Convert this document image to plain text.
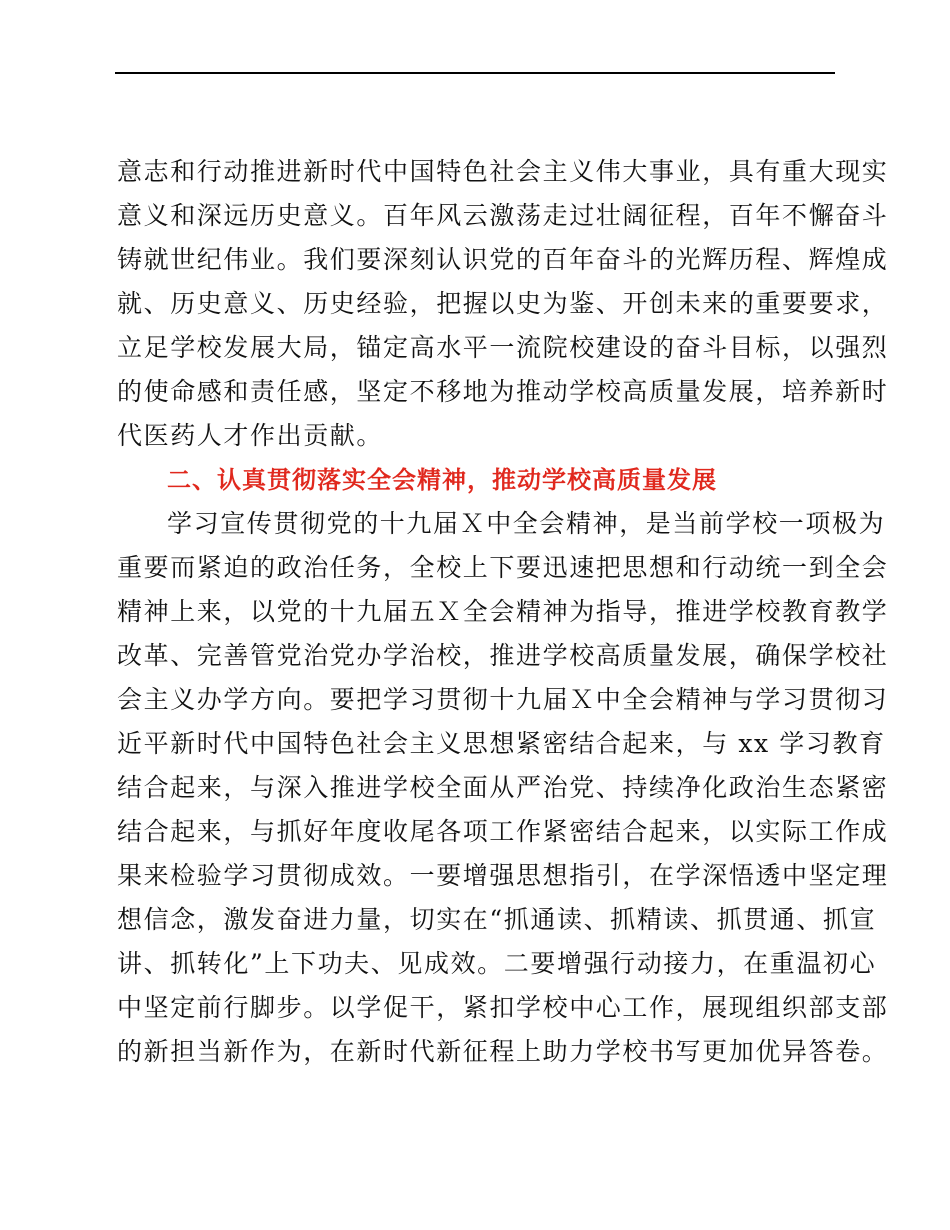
意志和行动推进新时代中国特色社会主义伟大事业，具有重大现实
意义和深远历史意义。百年风云激荡走过壮阔征程，百年不懈奋斗
铸就世纪伟业。我们要深刻认识党的百年奋斗的光辉历程、辉煌成
就、历史意义、历史经验，把握以史为鉴、开创未来的重要要求，
立足学校发展大局，锚定高水平一流院校建设的奋斗目标，以强烈
的使命感和责任感，坚定不移地为推动学校高质量发展，培养新时
代医药人才作出贡献。
二、认真贯彻落实全会精神，推动学校高质量发展
学习宣传贯彻党的十九届Ｘ中全会精神，是当前学校一项极为
重要而紧迫的政治任务，全校上下要迅速把思想和行动统一到全会
精神上来，以党的十九届五Ｘ全会精神为指导，推进学校教育教学
改革、完善管党治党办学治校，推进学校高质量发展，确保学校社
会主义办学方向。要把学习贯彻十九届Ｘ中全会精神与学习贯彻习
近平新时代中国特色社会主义思想紧密结合起来，与 xx 学习教育
结合起来，与深入推进学校全面从严治党、持续净化政治生态紧密
结合起来，与抓好年度收尾各项工作紧密结合起来，以实际工作成
果来检验学习贯彻成效。一要增强思想指引，在学深悟透中坚定理
想信念，激发奋进力量，切实在“抓通读、抓精读、抓贯通、抓宣
讲、抓转化”上下功夫、见成效。二要增强行动接力，在重温初心
中坚定前行脚步。以学促干，紧扣学校中心工作，展现组织部支部
的新担当新作为，在新时代新征程上助力学校书写更加优异答卷。
